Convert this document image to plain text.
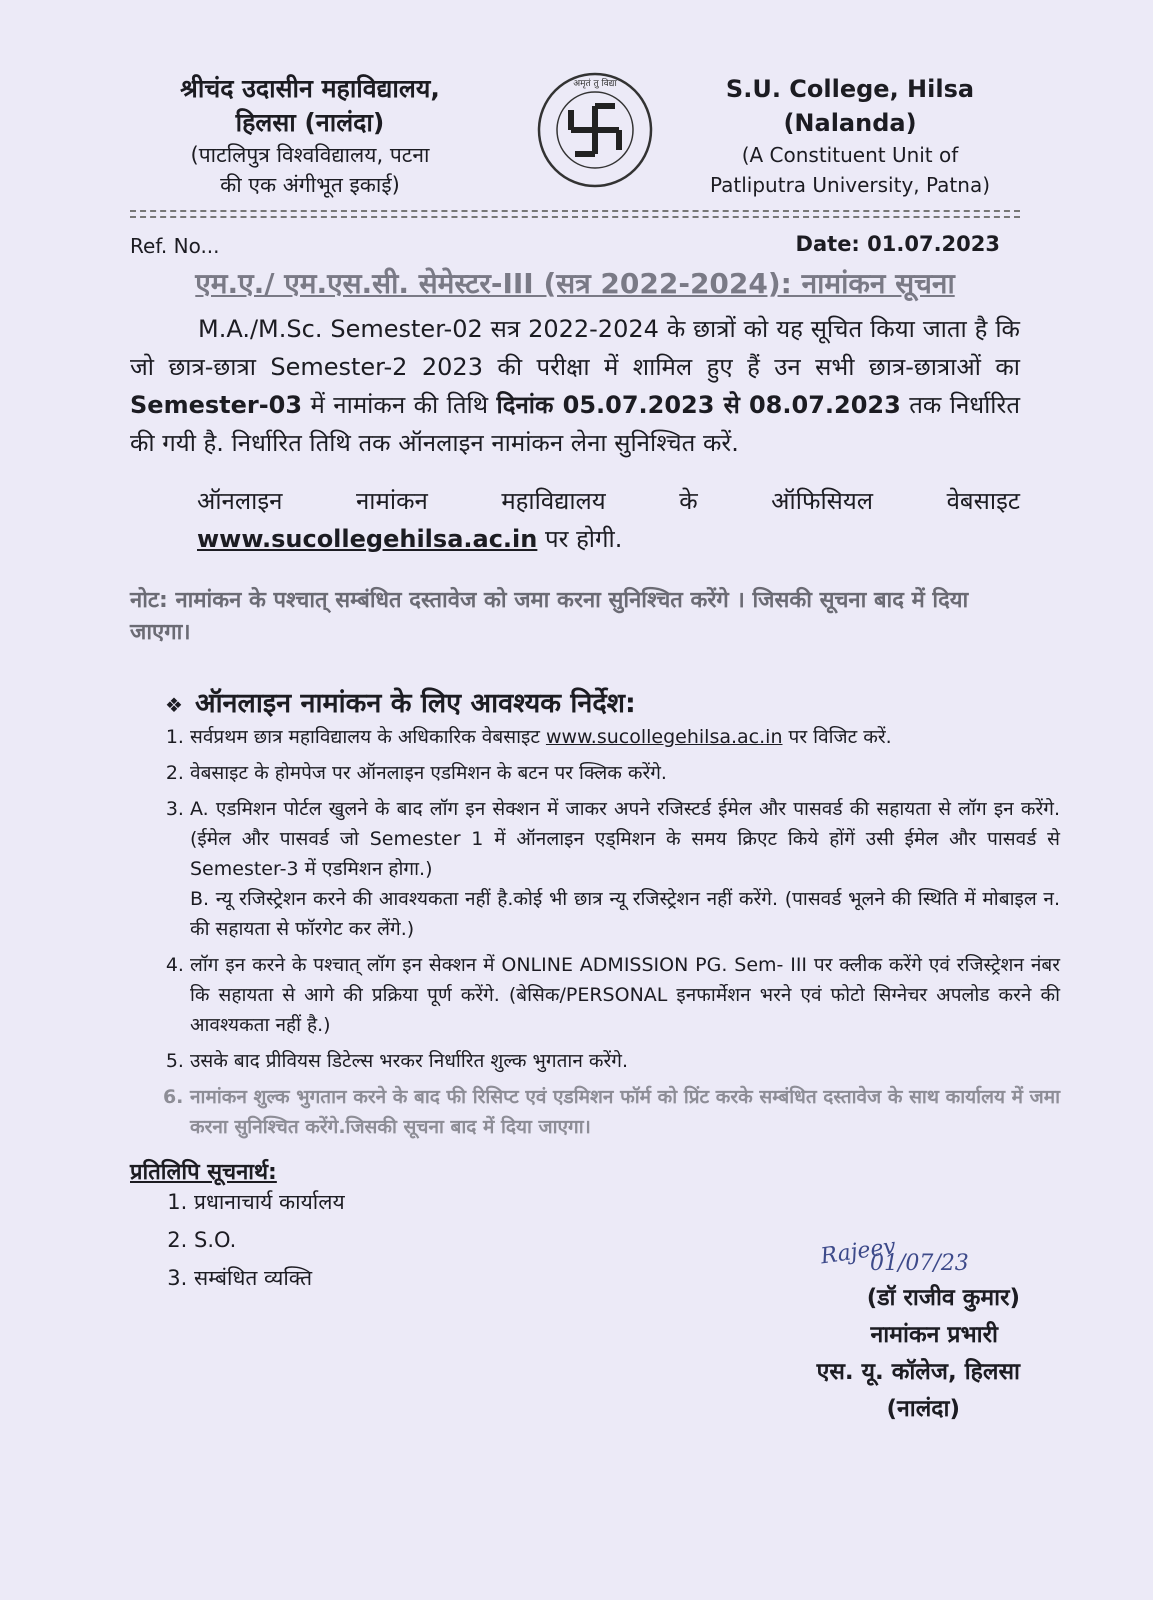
श्रीचंद उदासीन महाविद्यालय,
हिलसा (नालंदा)
(पाटलिपुत्र विश्वविद्यालय, पटना
की एक अंगीभूत इकाई)
अमृतं तु विद्या	S.U. College, Hilsa
(Nalanda)
(A Constituent Unit of
Patliputra University, Patna)
Ref. No...	Date: 01.07.2023
एम.ए./ एम.एस.सी. सेमेस्टर-III (सत्र 2022-2024): नामांकन सूचना
M.A./M.Sc. Semester-02 सत्र 2022-2024 के छात्रों को यह सूचित किया जाता है कि जो छात्र-छात्रा Semester-2 2023 की परीक्षा में शामिल हुए हैं उन सभी छात्र-छात्राओं का Semester-03 में नामांकन की तिथि दिनांक 05.07.2023 से 08.07.2023 तक निर्धारित की गयी है. निर्धारित तिथि तक ऑनलाइन नामांकन लेना सुनिश्चित करें.
ऑनलाइन	नामांकन	महाविद्यालय	के	ऑफिसियल	वेबसाइट
www.sucollegehilsa.ac.in पर होगी.
नोट: नामांकन के पश्चात् सम्बंधित दस्तावेज को जमा करना सुनिश्चित करेंगे । जिसकी सूचना बाद में दिया जाएगा।
❖ ऑनलाइन नामांकन के लिए आवश्यक निर्देश:
1. सर्वप्रथम छात्र महाविद्यालय के अधिकारिक वेबसाइट www.sucollegehilsa.ac.in पर विजिट करें.
2. वेबसाइट के होमपेज पर ऑनलाइन एडमिशन के बटन पर क्लिक करेंगे.
3. A. एडमिशन पोर्टल खुलने के बाद लॉग इन सेक्शन में जाकर अपने रजिस्टर्ड ईमेल और पासवर्ड की सहायता से लॉग इन करेंगे. (ईमेल और पासवर्ड जो Semester 1 में ऑनलाइन एड्मिशन के समय क्रिएट किये होंगें उसी ईमेल और पासवर्ड से Semester-3 में एडमिशन होगा.)
B. न्यू रजिस्ट्रेशन करने की आवश्यकता नहीं है.कोई भी छात्र न्यू रजिस्ट्रेशन नहीं करेंगे. (पासवर्ड भूलने की स्थिति में मोबाइल न. की सहायता से फॉरगेट कर लेंगे.)
4. लॉग इन करने के पश्चात् लॉग इन सेक्शन में ONLINE ADMISSION PG. Sem- III पर क्लीक करेंगे एवं रजिस्ट्रेशन नंबर कि सहायता से आगे की प्रक्रिया पूर्ण करेंगे. (बेसिक/PERSONAL इनफार्मेशन भरने एवं फोटो सिग्नेचर अपलोड करने की आवश्यकता नहीं है.)
5. उसके बाद प्रीवियस डिटेल्स भरकर निर्धारित शुल्क भुगतान करेंगे.
6. नामांकन शुल्क भुगतान करने के बाद फी रिसिप्ट एवं एडमिशन फॉर्म को प्रिंट करके सम्बंधित दस्तावेज के साथ कार्यालय में जमा करना सुनिश्चित करेंगे.जिसकी सूचना बाद में दिया जाएगा।
प्रतिलिपि सूचनार्थ:
1. प्रधानाचार्य कार्यालय
2. S.O.
3. सम्बंधित व्यक्ति
Rajeev
01/07/23
(डॉ राजीव कुमार)
नामांकन प्रभारी
एस. यू. कॉलेज, हिलसा
(नालंदा)
